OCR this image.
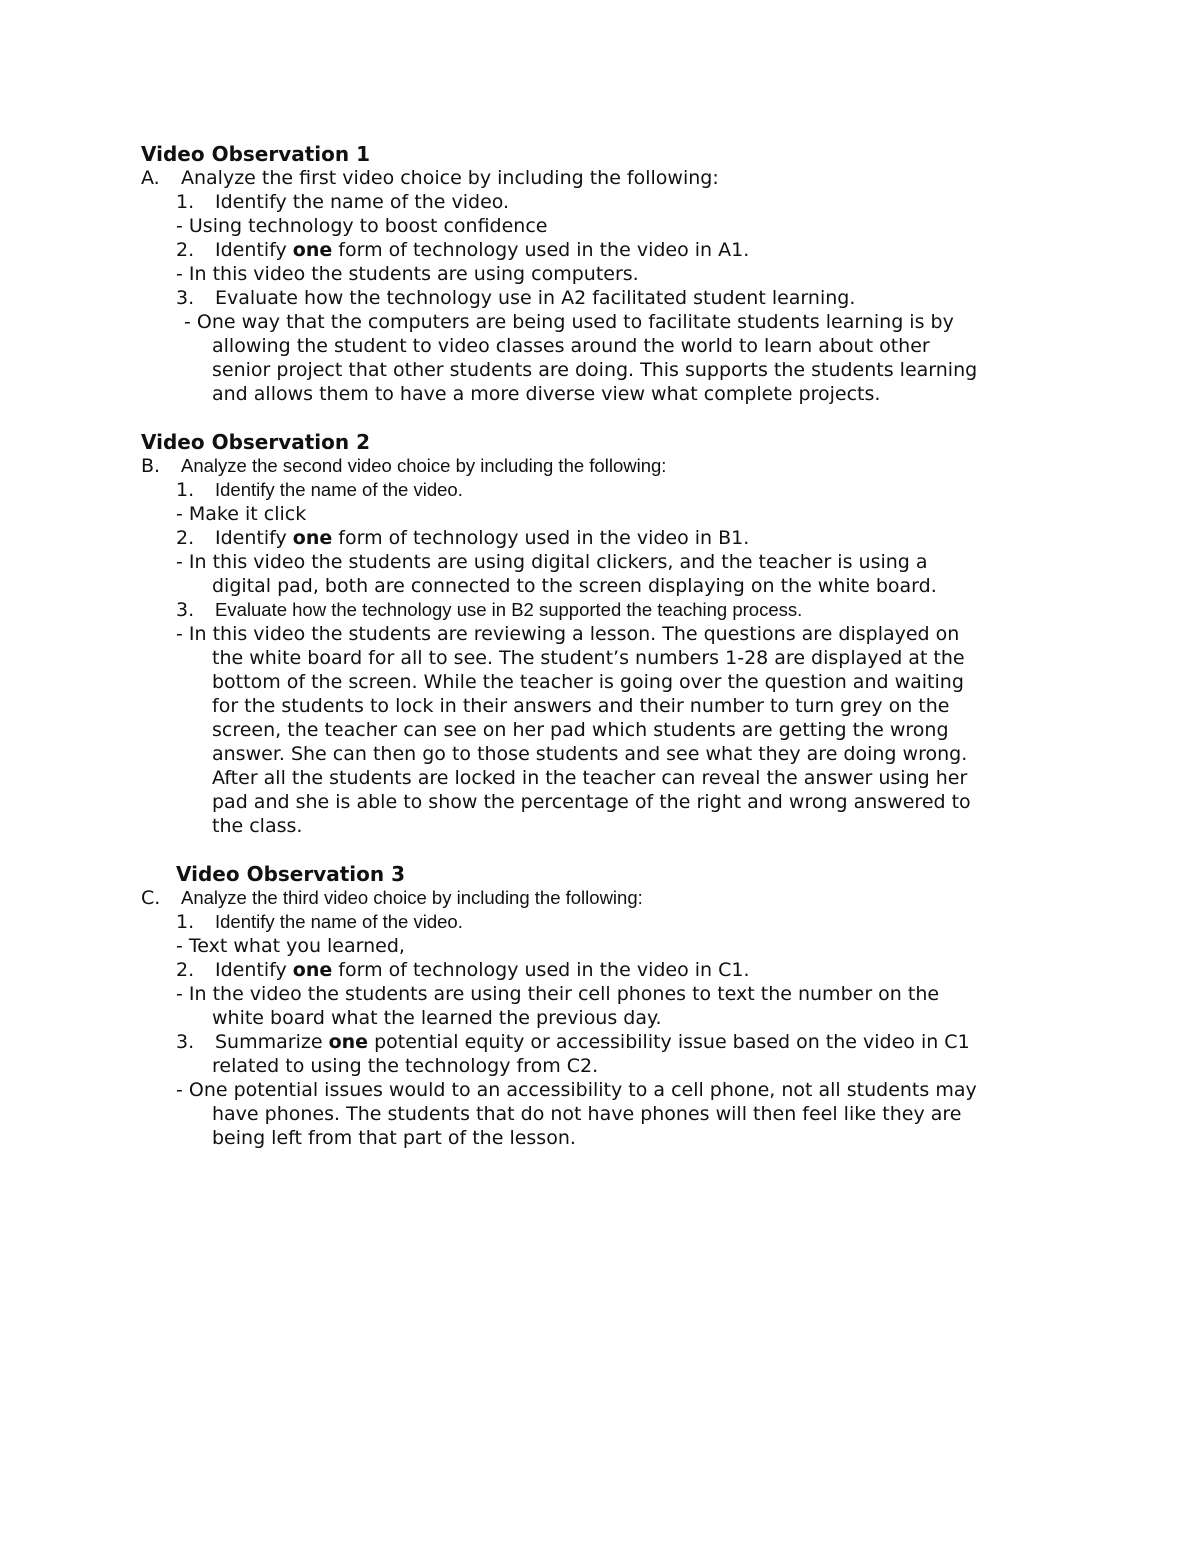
Video Observation 1
A. Analyze the first video choice by including the following:
1. Identify the name of the video.
- Using technology to boost confidence
2. Identify one form of technology used in the video in A1.
- In this video the students are using computers.
3. Evaluate how the technology use in A2 facilitated student learning.
- One way that the computers are being used to facilitate students learning is by
allowing the student to video classes around the world to learn about other
senior project that other students are doing. This supports the students learning
and allows them to have a more diverse view what complete projects.
Video Observation 2
B. Analyze the second video choice by including the following:
1. Identify the name of the video.
- Make it click
2. Identify one form of technology used in the video in B1.
- In this video the students are using digital clickers, and the teacher is using a
digital pad, both are connected to the screen displaying on the white board.
3. Evaluate how the technology use in B2 supported the teaching process.
- In this video the students are reviewing a lesson. The questions are displayed on
the white board for all to see. The student’s numbers 1-28 are displayed at the
bottom of the screen. While the teacher is going over the question and waiting
for the students to lock in their answers and their number to turn grey on the
screen, the teacher can see on her pad which students are getting the wrong
answer. She can then go to those students and see what they are doing wrong.
After all the students are locked in the teacher can reveal the answer using her
pad and she is able to show the percentage of the right and wrong answered to
the class.
Video Observation 3
C. Analyze the third video choice by including the following:
1. Identify the name of the video.
- Text what you learned,
2. Identify one form of technology used in the video in C1.
- In the video the students are using their cell phones to text the number on the
white board what the learned the previous day.
3. Summarize one potential equity or accessibility issue based on the video in C1
related to using the technology from C2.
- One potential issues would to an accessibility to a cell phone, not all students may
have phones. The students that do not have phones will then feel like they are
being left from that part of the lesson.
